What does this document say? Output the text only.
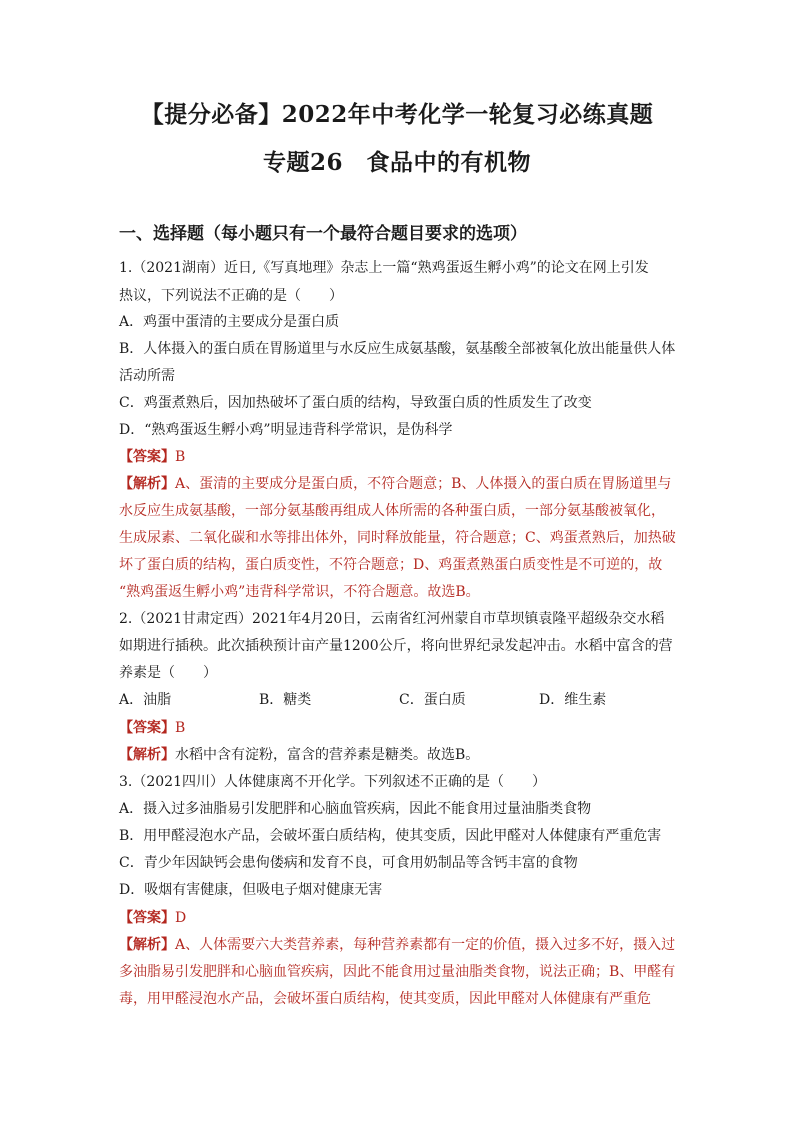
【提分必备】2022年中考化学一轮复习必练真题
专题26　食品中的有机物
一、选择题（每小题只有一个最符合题目要求的选项）
1.（2021湖南）近日,《写真地理》杂志上一篇“熟鸡蛋返生孵小鸡”的论文在网上引发
热议，下列说法不正确的是（　　）
A．鸡蛋中蛋清的主要成分是蛋白质
B．人体摄入的蛋白质在胃肠道里与水反应生成氨基酸，氨基酸全部被氧化放出能量供人体
活动所需
C．鸡蛋煮熟后，因加热破坏了蛋白质的结构，导致蛋白质的性质发生了改变
D．“熟鸡蛋返生孵小鸡”明显违背科学常识，是伪科学
【答案】B
【解析】A、蛋清的主要成分是蛋白质，不符合题意；B、人体摄入的蛋白质在胃肠道里与
水反应生成氨基酸，一部分氨基酸再组成人体所需的各种蛋白质，一部分氨基酸被氧化，
生成尿素、二氧化碳和水等排出体外，同时释放能量，符合题意；C、鸡蛋煮熟后，加热破
坏了蛋白质的结构，蛋白质变性，不符合题意；D、鸡蛋煮熟蛋白质变性是不可逆的，故
“熟鸡蛋返生孵小鸡”违背科学常识，不符合题意。故选B。
2.（2021甘肃定西）2021年4月20日，云南省红河州蒙自市草坝镇袁隆平超级杂交水稻
如期进行插秧。此次插秧预计亩产量1200公斤，将向世界纪录发起冲击。水稻中富含的营
养素是（　　）
A．油脂	B．糖类	C．蛋白质	D．维生素
【答案】B
【解析】水稻中含有淀粉，富含的营养素是糖类。故选B。
3.（2021四川）人体健康离不开化学。下列叙述不正确的是（　　）
A．摄入过多油脂易引发肥胖和心脑血管疾病，因此不能食用过量油脂类食物
B．用甲醛浸泡水产品，会破坏蛋白质结构，使其变质，因此甲醛对人体健康有严重危害
C．青少年因缺钙会患佝偻病和发育不良，可食用奶制品等含钙丰富的食物
D．吸烟有害健康，但吸电子烟对健康无害
【答案】D
【解析】A、人体需要六大类营养素，每种营养素都有一定的价值，摄入过多不好，摄入过
多油脂易引发肥胖和心脑血管疾病，因此不能食用过量油脂类食物，说法正确；B、甲醛有
毒，用甲醛浸泡水产品，会破坏蛋白质结构，使其变质，因此甲醛对人体健康有严重危
